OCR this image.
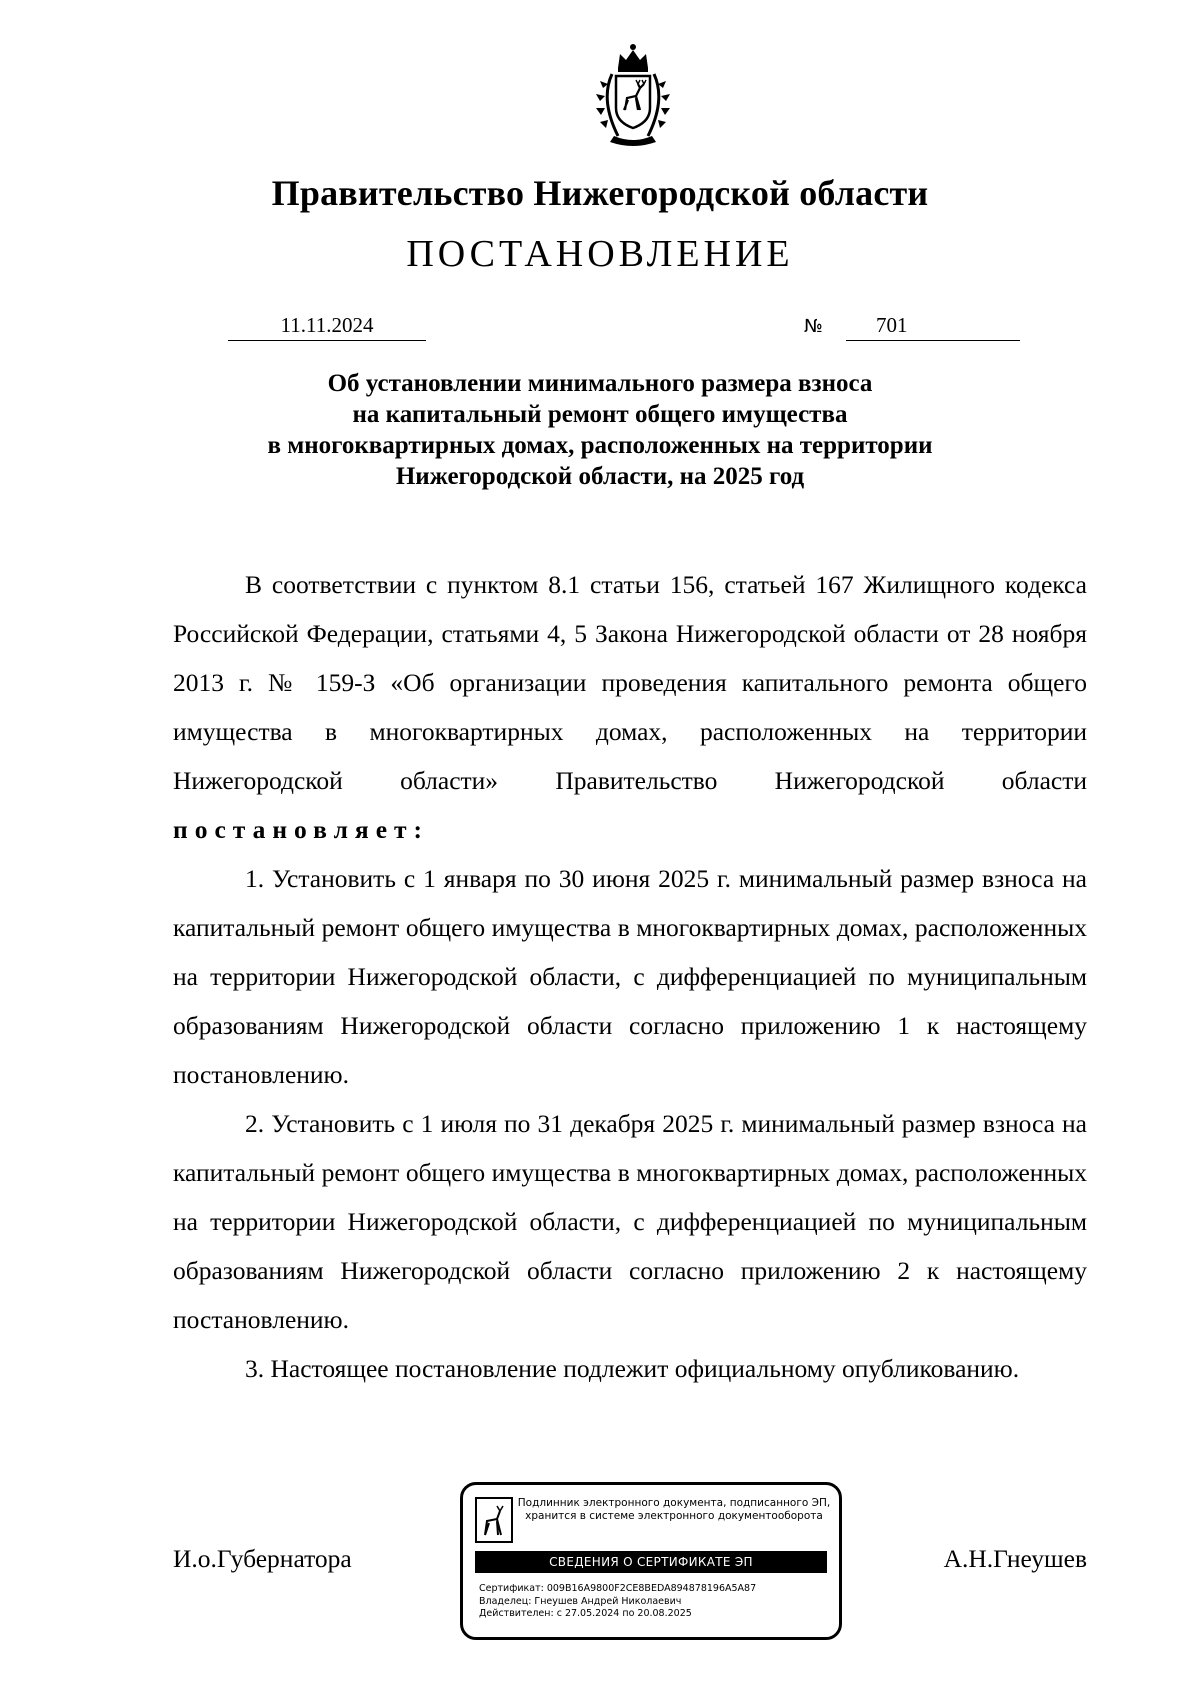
Правительство Нижегородской области
ПОСТАНОВЛЕНИЕ
11.11.2024	№	701
Об установлении минимального размера взноса
на капитальный ремонт общего имущества
в многоквартирных домах, расположенных на территории
Нижегородской области, на 2025 год

В соответствии с пунктом 8.1 статьи 156, статьей 167 Жилищного кодекса Российской Федерации, статьями 4, 5 Закона Нижегородской области от 28 ноября 2013 г. № 159-З «Об организации проведения капитального ремонта общего имущества в многоквартирных домах, расположенных на территории Нижегородской области» Правительство Нижегородской области постановляет:

1. Установить с 1 января по 30 июня 2025 г. минимальный размер взноса на капитальный ремонт общего имущества в многоквартирных домах, расположенных на территории Нижегородской области, с дифференциацией по муниципальным образованиям Нижегородской области согласно приложению 1 к настоящему постановлению.

2. Установить с 1 июля по 31 декабря 2025 г. минимальный размер взноса на капитальный ремонт общего имущества в многоквартирных домах, расположенных на территории Нижегородской области, с дифференциацией по муниципальным образованиям Нижегородской области согласно приложению 2 к настоящему постановлению.

3. Настоящее постановление подлежит официальному опубликованию.

И.о.Губернатора	А.Н.Гнеушев
Подлинник электронного документа, подписанного ЭП,
хранится в системе электронного документооборота
СВЕДЕНИЯ О СЕРТИФИКАТЕ ЭП
Сертификат: 009B16A9800F2CE8BEDA894878196A5A87
Владелец: Гнеушев Андрей Николаевич
Действителен: с 27.05.2024 по 20.08.2025
